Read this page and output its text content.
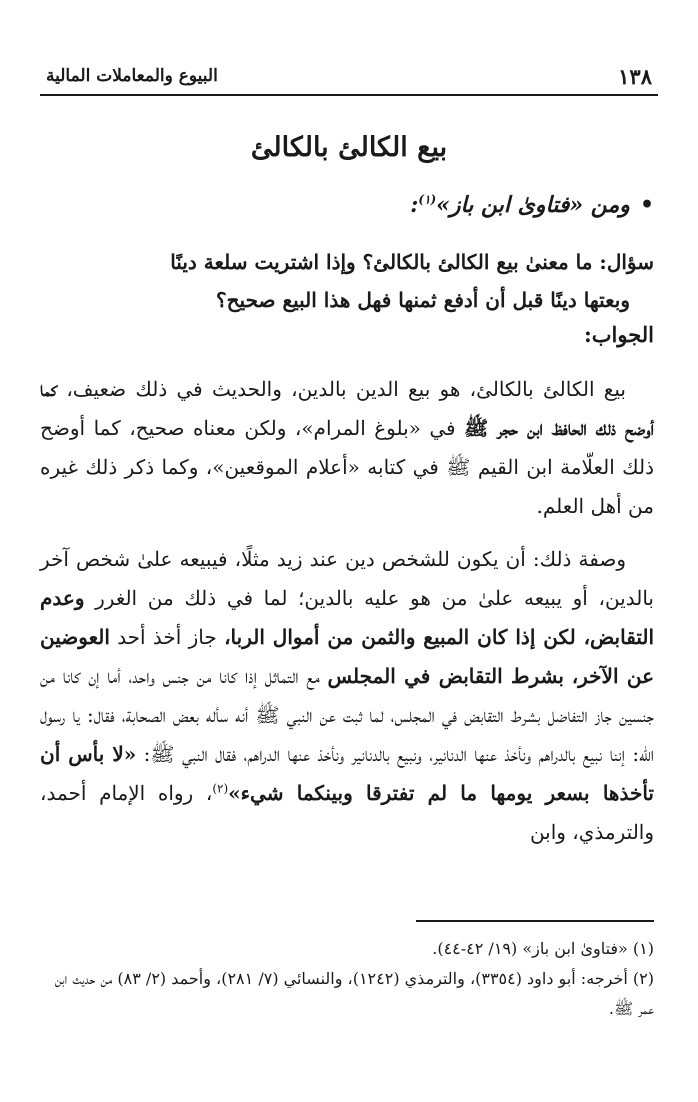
١٣٨
البيوع والمعاملات المالية
بيع الكالئ بالكالئ
•ومن «فتاوىٰ ابن باز»$^{(١)}$:
سؤال: ما معنىٰ بيع الكالئ بالكالئ؟ وإذا اشتريت سلعة دينًا
وبعتها دينًا قبل أن أدفع ثمنها فهل هذا البيع صحيح؟
الجواب:
بيع الكالئ بالكالئ، هو بيع الدين بالدين، والحديث في ذلك ضعيف، كما أوضح ذلك الحافظ ابن حجر ﷺ في «بلوغ المرام»، ولكن معناه صحيح، كما أوضح ذلك العلّامة ابن القيم ﷺ في كتابه «أعلام الموقعين»، وكما ذكر ذلك غيره من أهل العلم.
وصفة ذلك: أن يكون للشخص دين عند زيد مثلًا، فيبيعه علىٰ شخص آخر بالدين، أو يبيعه علىٰ من هو عليه بالدين؛ لما في ذلك من الغرر وعدم التقابض، لكن إذا كان المبيع والثمن من أموال الربا، جاز أخذ أحد العوضين عن الآخر، بشرط التقابض في المجلس مع التماثل إذا كانا من جنس واحد، أما إن كانا من جنسين جاز التفاضل بشرط التقابض في المجلس، لما ثبت عن النبي ﷺ أنه سأله بعض الصحابة، فقال: يا رسول الله: إننا نبيع بالدراهم ونأخذ عنها الدنانير، ونبيع بالدنانير ونأخذ عنها الدراهم، فقال النبي ﷺ: «لا بأس أن تأخذها بسعر يومها ما لم تفترقا وبينكما شيء»$^{(٢)}$، رواه الإمام أحمد، والترمذي، وابن
(١) «فتاوىٰ ابن باز» (١٩/ ٤٢-٤٤).
(٢) أخرجه: أبو داود (٣٣٥٤)، والترمذي (١٢٤٢)، والنسائي (٧/ ٢٨١)، وأحمد (٢/ ٨٣) من حديث ابن عمر ﷺ.
